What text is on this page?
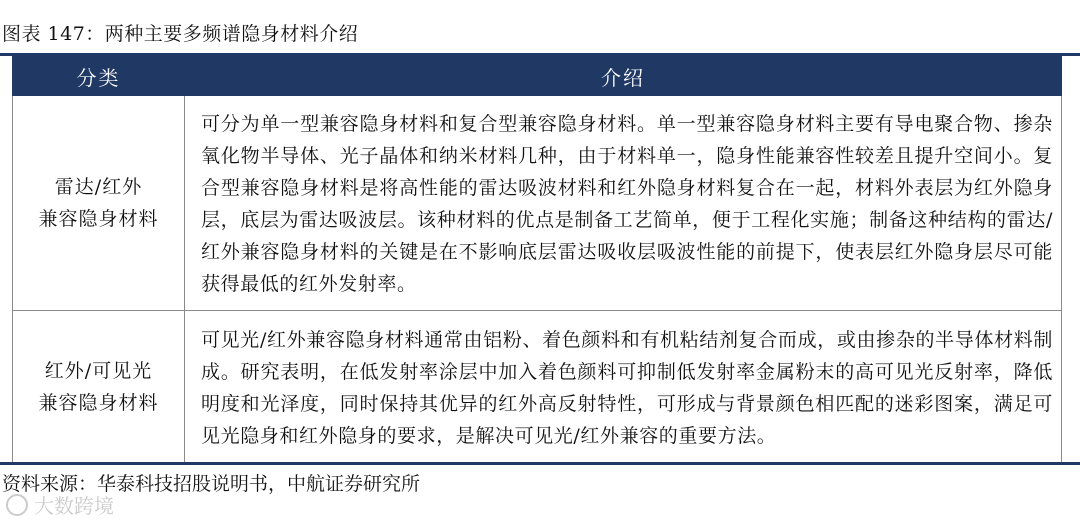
图表 147：两种主要多频谱隐身材料介绍
分类	介绍
雷达/红外
兼容隐身材料	可分为单一型兼容隐身材料和复合型兼容隐身材料。单一型兼容隐身材料主要有导电聚合物、掺杂氧化物半导体、光子晶体和纳米材料几种，由于材料单一，隐身性能兼容性较差且提升空间小。复合型兼容隐身材料是将高性能的雷达吸波材料和红外隐身材料复合在一起，材料外表层为红外隐身层，底层为雷达吸波层。该种材料的优点是制备工艺简单，便于工程化实施；制备这种结构的雷达/红外兼容隐身材料的关键是在不影响底层雷达吸收层吸波性能的前提下，使表层红外隐身层尽可能获得最低的红外发射率。
红外/可见光
兼容隐身材料	可见光/红外兼容隐身材料通常由铝粉、着色颜料和有机粘结剂复合而成，或由掺杂的半导体材料制成。研究表明，在低发射率涂层中加入着色颜料可抑制低发射率金属粉末的高可见光反射率，降低明度和光泽度，同时保持其优异的红外高反射特性，可形成与背景颜色相匹配的迷彩图案，满足可见光隐身和红外隐身的要求，是解决可见光/红外兼容的重要方法。
资料来源：华泰科技招股说明书，中航证券研究所
大数跨境
